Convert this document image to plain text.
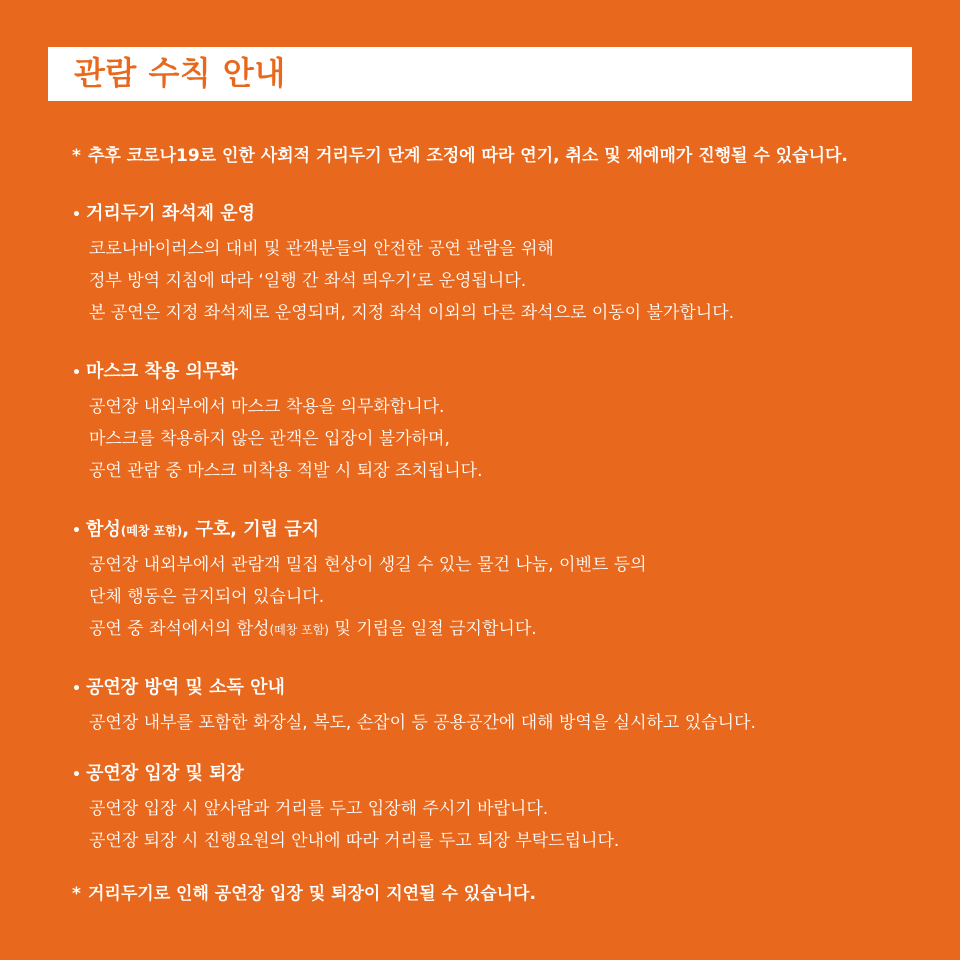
관람 수칙 안내
* 추후 코로나19로 인한 사회적 거리두기 단계 조정에 따라 연기, 취소 및 재예매가 진행될 수 있습니다.
• 거리두기 좌석제 운영
코로나바이러스의 대비 및 관객분들의 안전한 공연 관람을 위해
정부 방역 지침에 따라 ‘일행 간 좌석 띄우기’로 운영됩니다.
본 공연은 지정 좌석제로 운영되며, 지정 좌석 이외의 다른 좌석으로 이동이 불가합니다.
• 마스크 착용 의무화
공연장 내외부에서 마스크 착용을 의무화합니다.
마스크를 착용하지 않은 관객은 입장이 불가하며,
공연 관람 중 마스크 미착용 적발 시 퇴장 조치됩니다.
• 함성(떼창 포함), 구호, 기립 금지
공연장 내외부에서 관람객 밀집 현상이 생길 수 있는 물건 나눔, 이벤트 등의
단체 행동은 금지되어 있습니다.
공연 중 좌석에서의 함성(떼창 포함) 및 기립을 일절 금지합니다.
• 공연장 방역 및 소독 안내
공연장 내부를 포함한 화장실, 복도, 손잡이 등 공용공간에 대해 방역을 실시하고 있습니다.
• 공연장 입장 및 퇴장
공연장 입장 시 앞사람과 거리를 두고 입장해 주시기 바랍니다.
공연장 퇴장 시 진행요원의 안내에 따라 거리를 두고 퇴장 부탁드립니다.
* 거리두기로 인해 공연장 입장 및 퇴장이 지연될 수 있습니다.
